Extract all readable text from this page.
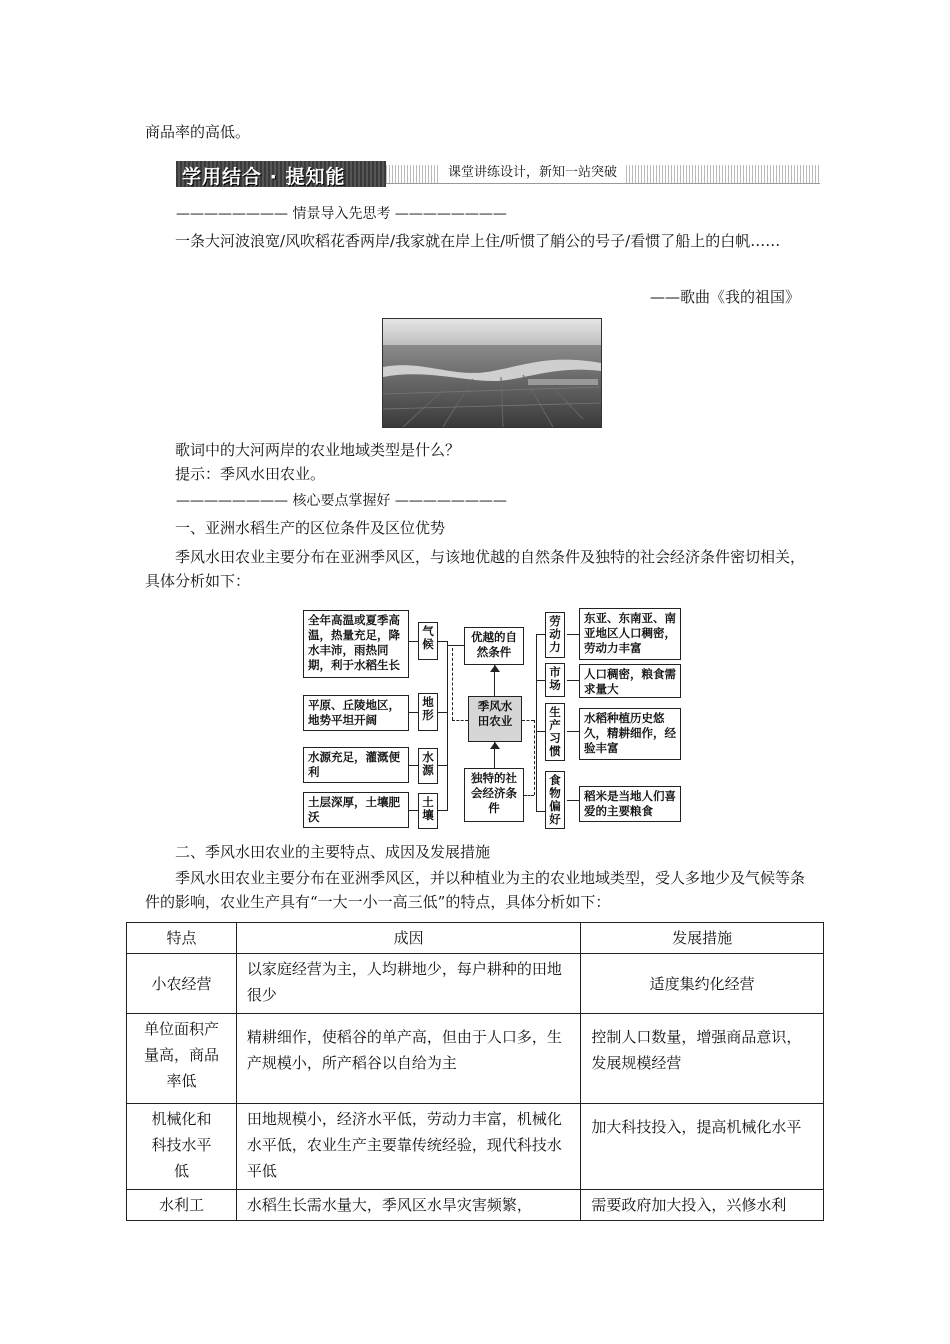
商品率的高低。

学用结合 · 提知能	课堂讲练设计，新知一站突破
———————— 情景导入先思考 ————————

一条大河波浪宽/风吹稻花香两岸/我家就在岸上住/听惯了艄公的号子/看惯了船上的白帆……

——歌曲《我的祖国》

歌词中的大河两岸的农业地域类型是什么？

提示：季风水田农业。

———————— 核心要点掌握好 ————————

一、亚洲水稻生产的区位条件及区位优势

季风水田农业主要分布在亚洲季风区，与该地优越的自然条件及独特的社会经济条件密切相关，具体分析如下：

全年高温或夏季高温，热量充足，降水丰沛，雨热同期，利于水稻生长
平原、丘陵地区，地势平坦开阔
水源充足，灌溉便利
土层深厚，土壤肥沃
气候
地形
水源
土壤
优越的自然条件
季风水田农业
独特的社会经济条件
劳动力
市场
生产习惯
食物偏好
东亚、东南亚、南亚地区人口稠密，劳动力丰富
人口稠密，粮食需求量大
水稻种植历史悠久，精耕细作，经验丰富
稻米是当地人们喜爱的主要粮食

二、季风水田农业的主要特点、成因及发展措施

季风水田农业主要分布在亚洲季风区，并以种植业为主的农业地域类型，受人多地少及气候等条件的影响，农业生产具有“一大一小一高三低”的特点，具体分析如下：

特点	成因	发展措施
小农经营	以家庭经营为主，人均耕地少，每户耕种的田地很少	适度集约化经营
单位面积产量高，商品率低	精耕细作，使稻谷的单产高，但由于人口多，生产规模小，所产稻谷以自给为主	控制人口数量，增强商品意识，发展规模经营
机械化和科技水平低	田地规模小，经济水平低，劳动力丰富，机械化水平低，农业生产主要靠传统经验，现代科技水平低	加大科技投入，提高机械化水平
水利工	水稻生长需水量大，季风区水旱灾害频繁，	需要政府加大投入，兴修水利
